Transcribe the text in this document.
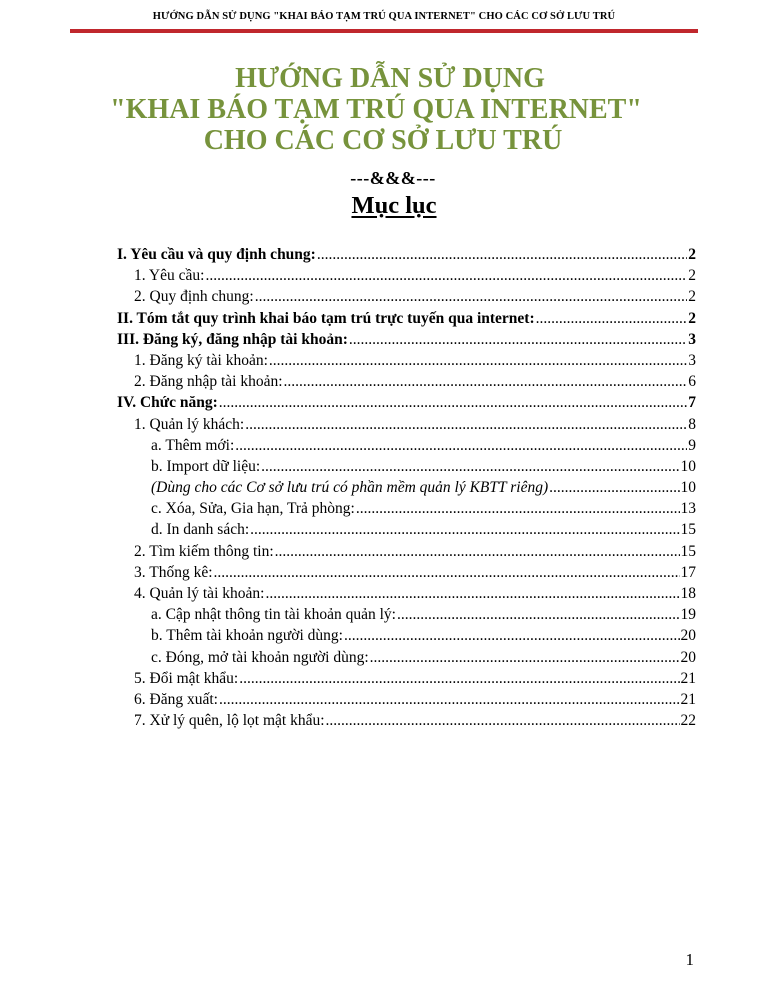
HƯỚNG DẪN SỬ DỤNG "KHAI BÁO TẠM TRÚ QUA INTERNET" CHO CÁC CƠ SỞ LƯU TRÚ
HƯỚNG DẪN SỬ DỤNG
"KHAI BÁO TẠM TRÚ QUA INTERNET"
CHO CÁC CƠ SỞ LƯU TRÚ
---&&&---
Mục lục
I. Yêu cầu và quy định chung: .....	2
1. Yêu cầu: .....	2
2. Quy định chung: .....	2
II. Tóm tắt quy trình khai báo tạm trú trực tuyến qua internet: .....	2
III. Đăng ký, đăng nhập tài khoản: .....	3
1. Đăng ký tài khoản: .....	3
2. Đăng nhập tài khoản: .....	6
IV. Chức năng: .....	7
1. Quản lý khách: .....	8
a. Thêm mới: .....	9
b. Import dữ liệu: .....	10
(Dùng cho các Cơ sở lưu trú có phần mềm quản lý KBTT riêng) .....	10
c. Xóa, Sửa, Gia hạn, Trả phòng: .....	13
d. In danh sách: .....	15
2. Tìm kiếm thông tin: .....	15
3. Thống kê: .....	17
4. Quản lý tài khoản: .....	18
a. Cập nhật thông tin tài khoản quản lý: .....	19
b. Thêm tài khoản người dùng: .....	20
c. Đóng, mở tài khoản người dùng: .....	20
5. Đổi mật khẩu: .....	21
6. Đăng xuất: .....	21
7. Xử lý quên, lộ lọt mật khẩu: .....	22
1
